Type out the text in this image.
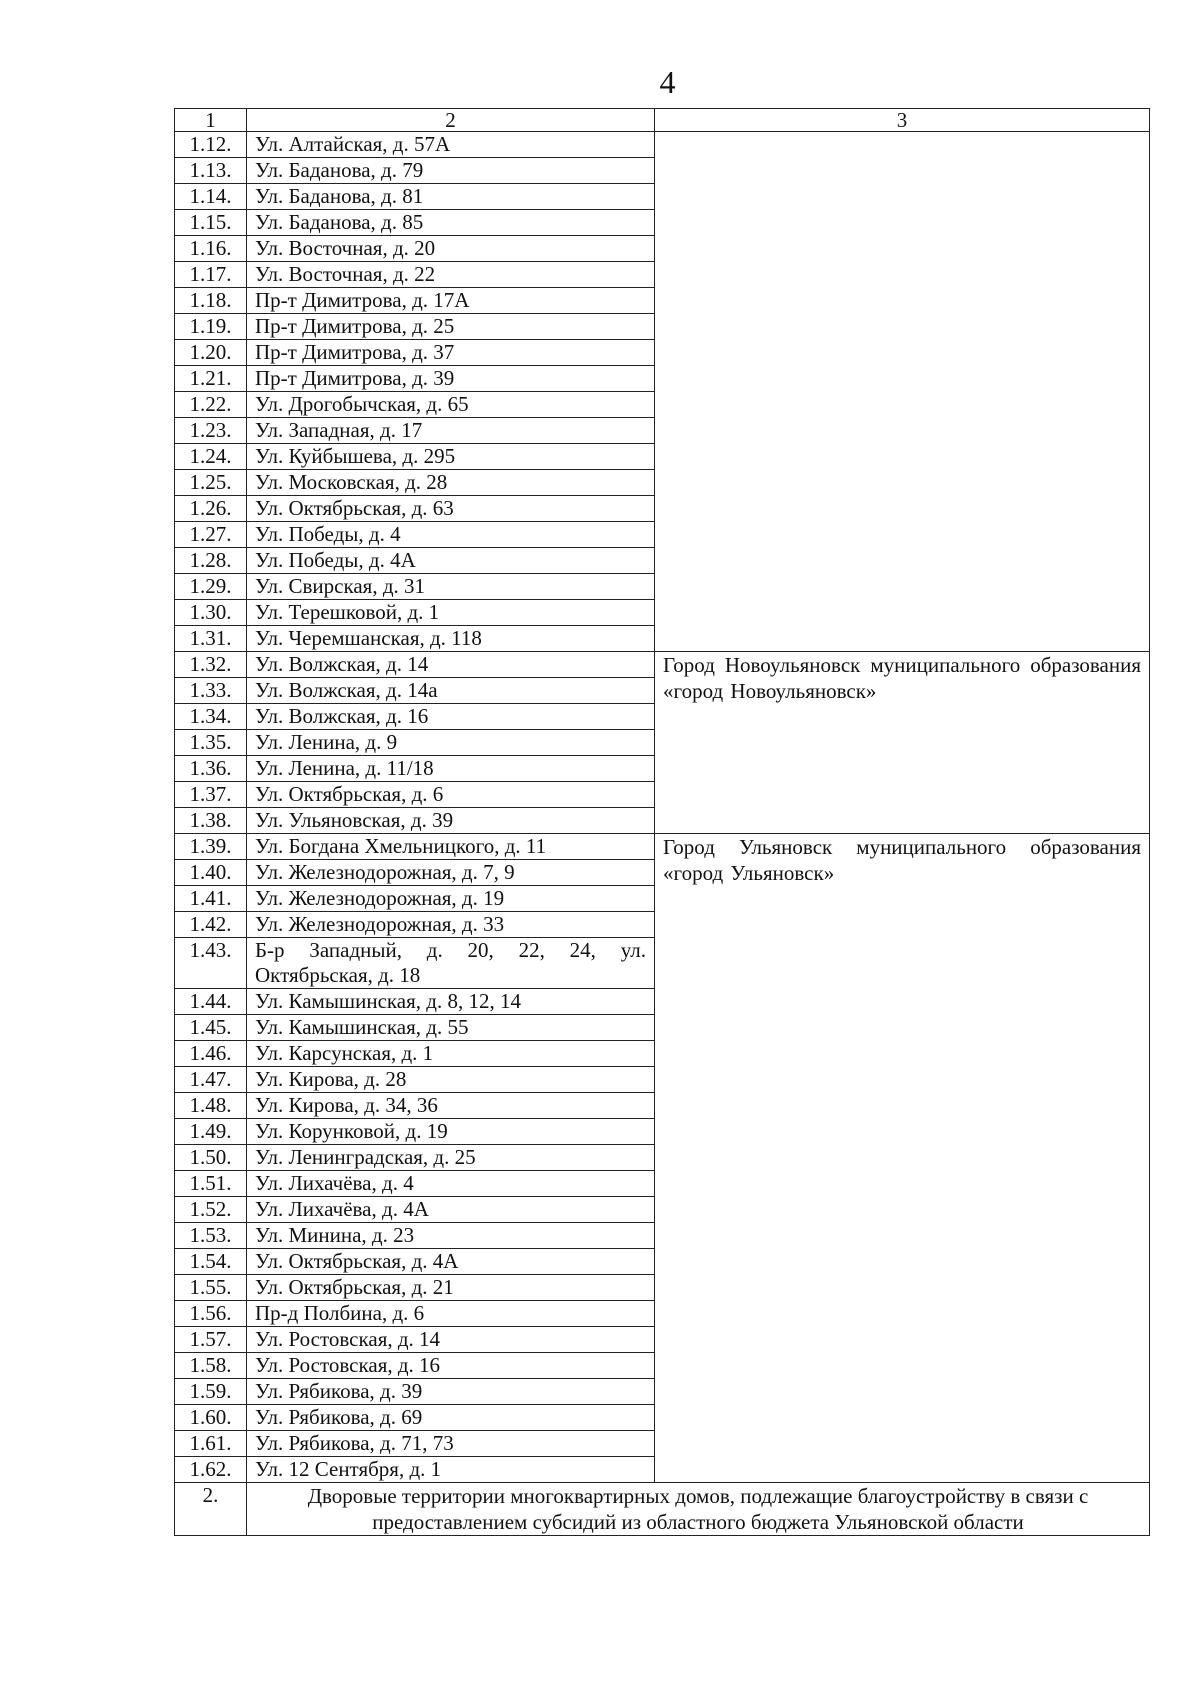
4
1	2	3
1.12.	Ул. Алтайская, д. 57А	
1.13.	Ул. Баданова, д. 79	
1.14.	Ул. Баданова, д. 81	
1.15.	Ул. Баданова, д. 85	
1.16.	Ул. Восточная, д. 20	
1.17.	Ул. Восточная, д. 22	
1.18.	Пр-т Димитрова, д. 17А	
1.19.	Пр-т Димитрова, д. 25	
1.20.	Пр-т Димитрова, д. 37	
1.21.	Пр-т Димитрова, д. 39	
1.22.	Ул. Дрогобычская, д. 65	
1.23.	Ул. Западная, д. 17	
1.24.	Ул. Куйбышева, д. 295	
1.25.	Ул. Московская, д. 28	
1.26.	Ул. Октябрьская, д. 63	
1.27.	Ул. Победы, д. 4	
1.28.	Ул. Победы, д. 4А	
1.29.	Ул. Свирская, д. 31	
1.30.	Ул. Терешковой, д. 1	
1.31.	Ул. Черемшанская, д. 118	
1.32.	Ул. Волжская, д. 14	Город Новоульяновск муниципального образования «город Новоульяновск»
1.33.	Ул. Волжская, д. 14а	
1.34.	Ул. Волжская, д. 16	
1.35.	Ул. Ленина, д. 9	
1.36.	Ул. Ленина, д. 11/18	
1.37.	Ул. Октябрьская, д. 6	
1.38.	Ул. Ульяновская, д. 39	
1.39.	Ул. Богдана Хмельницкого, д. 11	Город Ульяновск муниципального образования «город Ульяновск»
1.40.	Ул. Железнодорожная, д. 7, 9	
1.41.	Ул. Железнодорожная, д. 19	
1.42.	Ул. Железнодорожная, д. 33	
1.43.	Б-р Западный, д. 20, 22, 24, ул. Октябрьская, д. 18	
1.44.	Ул. Камышинская, д. 8, 12, 14	
1.45.	Ул. Камышинская, д. 55	
1.46.	Ул. Карсунская, д. 1	
1.47.	Ул. Кирова, д. 28	
1.48.	Ул. Кирова, д. 34, 36	
1.49.	Ул. Корунковой, д. 19	
1.50.	Ул. Ленинградская, д. 25	
1.51.	Ул. Лихачёва, д. 4	
1.52.	Ул. Лихачёва, д. 4А	
1.53.	Ул. Минина, д. 23	
1.54.	Ул. Октябрьская, д. 4А	
1.55.	Ул. Октябрьская, д. 21	
1.56.	Пр-д Полбина, д. 6	
1.57.	Ул. Ростовская, д. 14	
1.58.	Ул. Ростовская, д. 16	
1.59.	Ул. Рябикова, д. 39	
1.60.	Ул. Рябикова, д. 69	
1.61.	Ул. Рябикова, д. 71, 73	
1.62.	Ул. 12 Сентября, д. 1	
2.	Дворовые территории многоквартирных домов, подлежащие благоустройству в связи с предоставлением субсидий из областного бюджета Ульяновской области	
